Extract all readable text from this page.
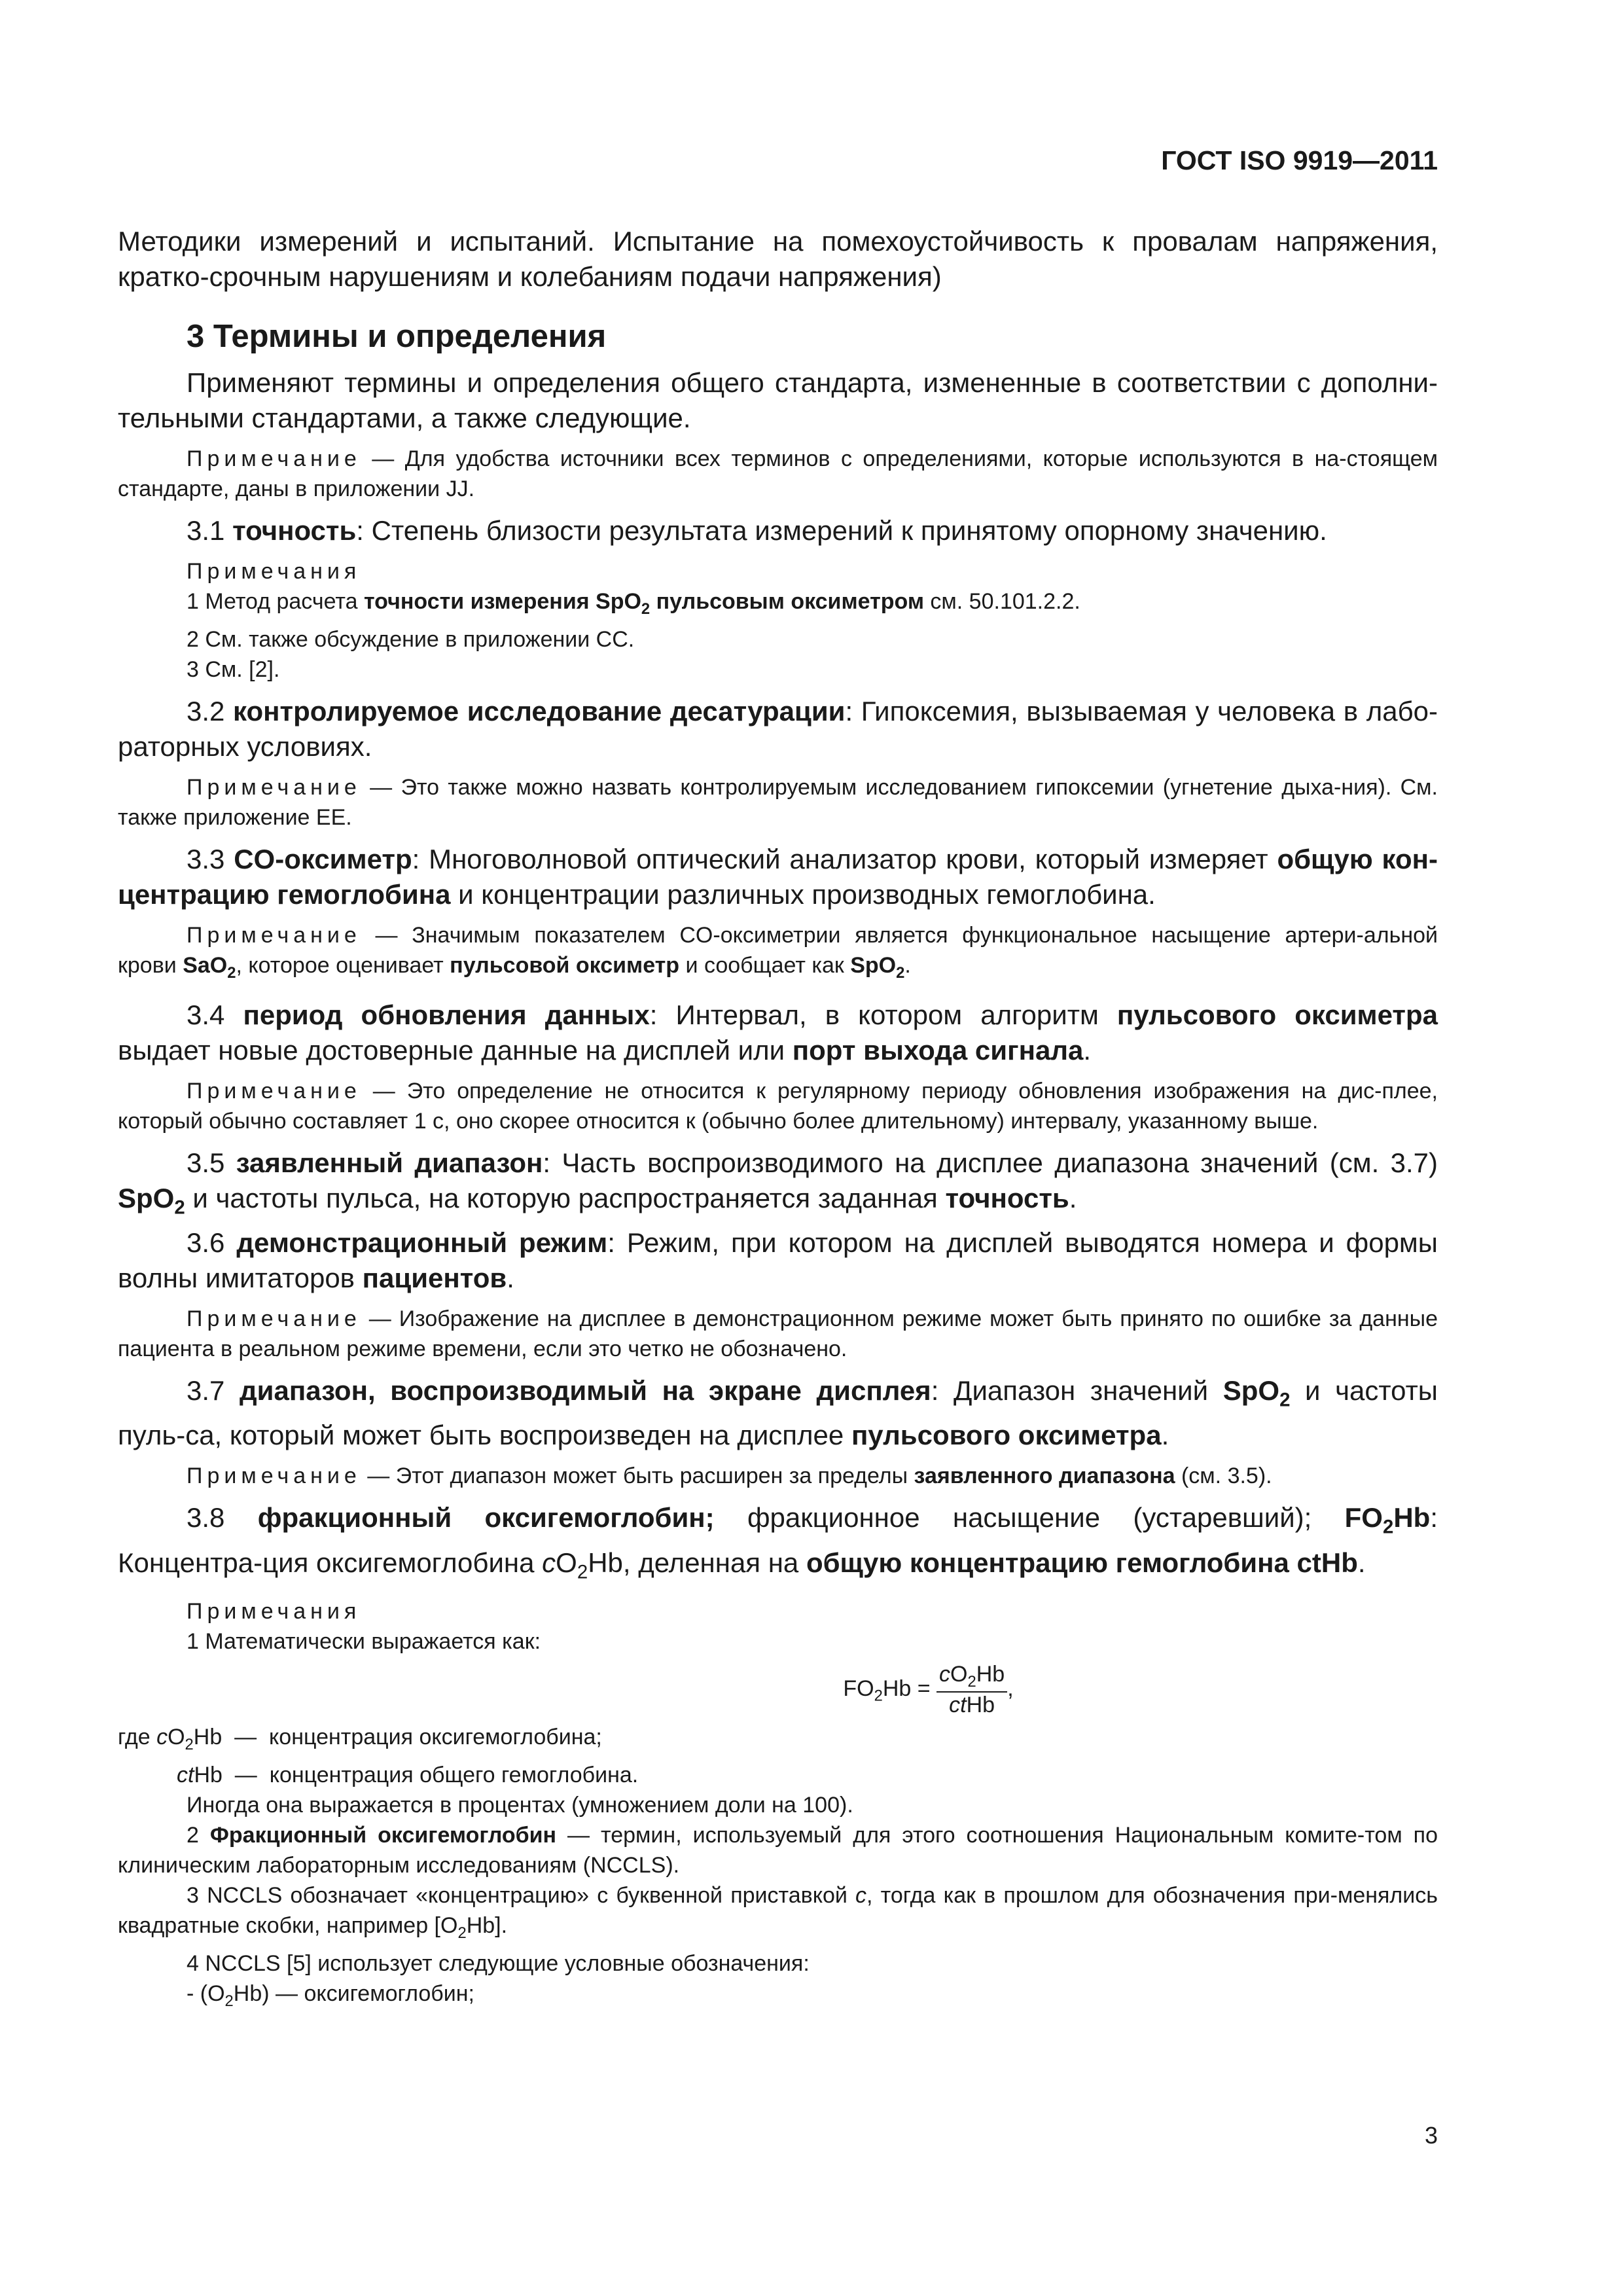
ГОСТ ISO 9919—2011

Методики измерений и испытаний. Испытание на помехоустойчивость к провалам напряжения, кратко-срочным нарушениям и колебаниям подачи напряжения)

3 Термины и определения

Применяют термины и определения общего стандарта, измененные в соответствии с дополни-тельными стандартами, а также следующие.

Примечание — Для удобства источники всех терминов с определениями, которые используются в на-стоящем стандарте, даны в приложении JJ.

3.1 точность: Степень близости результата измерений к принятому опорному значению.

Примечания

1 Метод расчета точности измерения SpO$_2$ пульсовым оксиметром см. 50.101.2.2.

2 См. также обсуждение в приложении CC.

3 См. [2].

3.2 контролируемое исследование десатурации: Гипоксемия, вызываемая у человека в лабо-раторных условиях.

Примечание — Это также можно назвать контролируемым исследованием гипоксемии (угнетение дыха-ния). См. также приложение EE.

3.3 CO-оксиметр: Многоволновой оптический анализатор крови, который измеряет общую кон-центрацию гемоглобина и концентрации различных производных гемоглобина.

Примечание — Значимым показателем CO-оксиметрии является функциональное насыщение артери-альной крови SaO$_2$, которое оценивает пульсовой оксиметр и сообщает как SpO$_2$.

3.4 период обновления данных: Интервал, в котором алгоритм пульсового оксиметра выдает новые достоверные данные на дисплей или порт выхода сигнала.

Примечание — Это определение не относится к регулярному периоду обновления изображения на дис-плее, который обычно составляет 1 с, оно скорее относится к (обычно более длительному) интервалу, указанному выше.

3.5 заявленный диапазон: Часть воспроизводимого на дисплее диапазона значений (см. 3.7) SpO$_2$ и частоты пульса, на которую распространяется заданная точность.

3.6 демонстрационный режим: Режим, при котором на дисплей выводятся номера и формы волны имитаторов пациентов.

Примечание — Изображение на дисплее в демонстрационном режиме может быть принято по ошибке за данные пациента в реальном режиме времени, если это четко не обозначено.

3.7 диапазон, воспроизводимый на экране дисплея: Диапазон значений SpO$_2$ и частоты пуль-са, который может быть воспроизведен на дисплее пульсового оксиметра.

Примечание — Этот диапазон может быть расширен за пределы заявленного диапазона (см. 3.5).

3.8 фракционный оксигемоглобин; фракционное насыщение (устаревший); $FO_2Hb$: Концентра-ция оксигемоглобина $cO_2Hb$, деленная на общую концентрацию гемоглобина ctHb.

Примечания

1 Математически выражается как:

$FO_2Hb = \frac{cO_2Hb}{\text{ctHb}}$ ,

где $cO_2Hb$  —  концентрация оксигемоглобина;

ctHb  —  концентрация общего гемоглобина.

Иногда она выражается в процентах (умножением доли на 100).

2 Фракционный оксигемоглобин — термин, используемый для этого соотношения Национальным комите-том по клиническим лабораторным исследованиям (NCCLS).

3 NCCLS обозначает «концентрацию» с буквенной приставкой c, тогда как в прошлом для обозначения при-менялись квадратные скобки, например $[O_2Hb]$.

4 NCCLS [5] использует следующие условные обозначения:

- $(O_2Hb)$ — оксигемоглобин;

3
